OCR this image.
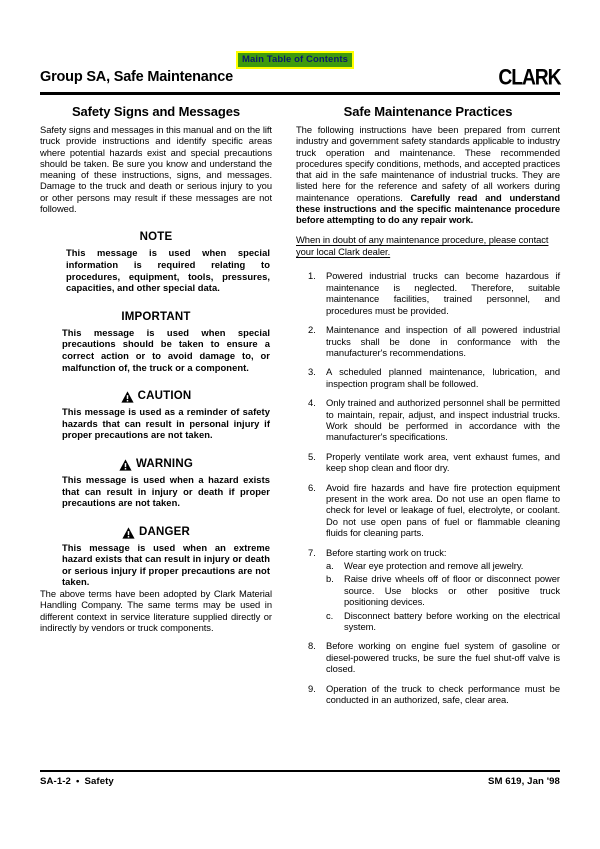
Main Table of Contents
Group SA, Safe Maintenance	CLARK
Safety Signs and Messages

Safety signs and messages in this manual and on the lift truck provide instructions and identify specific areas where potential hazards exist and special precautions should be taken. Be sure you know and understand the meaning of these instructions, signs, and messages. Damage to the truck and death or serious injury to you or other persons may result if these messages are not followed.

NOTE

This message is used when special information is required relating to procedures, equipment, tools, pressures, capacities, and other special data.

IMPORTANT

This message is used when special precautions should be taken to ensure a correct action or to avoid damage to, or malfunction of, the truck or a component.

CAUTION

This message is used as a reminder of safety hazards that can result in personal injury if proper precautions are not taken.

WARNING

This message is used when a hazard exists that can result in injury or death if proper precautions are not taken.

DANGER

This message is used when an extreme hazard exists that can result in injury or death or serious injury if proper precautions are not taken.

The above terms have been adopted by Clark Material Handling Company. The same terms may be used in different context in service literature supplied directly or indirectly by vendors or truck components.

Safe Maintenance Practices

The following instructions have been prepared from current industry and government safety standards applicable to industry truck operation and maintenance. These recommended procedures specify conditions, methods, and accepted practices that aid in the safe maintenance of industrial trucks. They are listed here for the reference and safety of all workers during maintenance operations. Carefully read and understand these instructions and the specific maintenance procedure before attempting to do any repair work.

When in doubt of any maintenance procedure, please contact your local Clark dealer.

1.	Powered industrial trucks can become hazardous if maintenance is neglected. Therefore, suitable maintenance facilities, trained personnel, and procedures must be provided.
2.	Maintenance and inspection of all powered industrial trucks shall be done in conformance with the manufacturer's recommendations.
3.	A scheduled planned maintenance, lubrication, and inspection program shall be followed.
4.	Only trained and authorized personnel shall be permitted to maintain, repair, adjust, and inspect industrial trucks. Work should be performed in accordance with the manufacturer's specifications.
5.	Properly ventilate work area, vent exhaust fumes, and keep shop clean and floor dry.
6.	Avoid fire hazards and have fire protection equipment present in the work area. Do not use an open flame to check for level or leakage of fuel, electrolyte, or coolant. Do not use open pans of fuel or flammable cleaning fluids for cleaning parts.
7.	Before starting work on truck:
a.	Wear eye protection and remove all jewelry.
b.	Raise drive wheels off of floor or disconnect power source. Use blocks or other positive truck positioning devices.
c.	Disconnect battery before working on the electrical system.
8.	Before working on engine fuel system of gasoline or diesel-powered trucks, be sure the fuel shut-off valve is closed.
9.	Operation of the truck to check performance must be conducted in an authorized, safe, clear area.
SA-1-2 • Safety	SM 619, Jan '98
